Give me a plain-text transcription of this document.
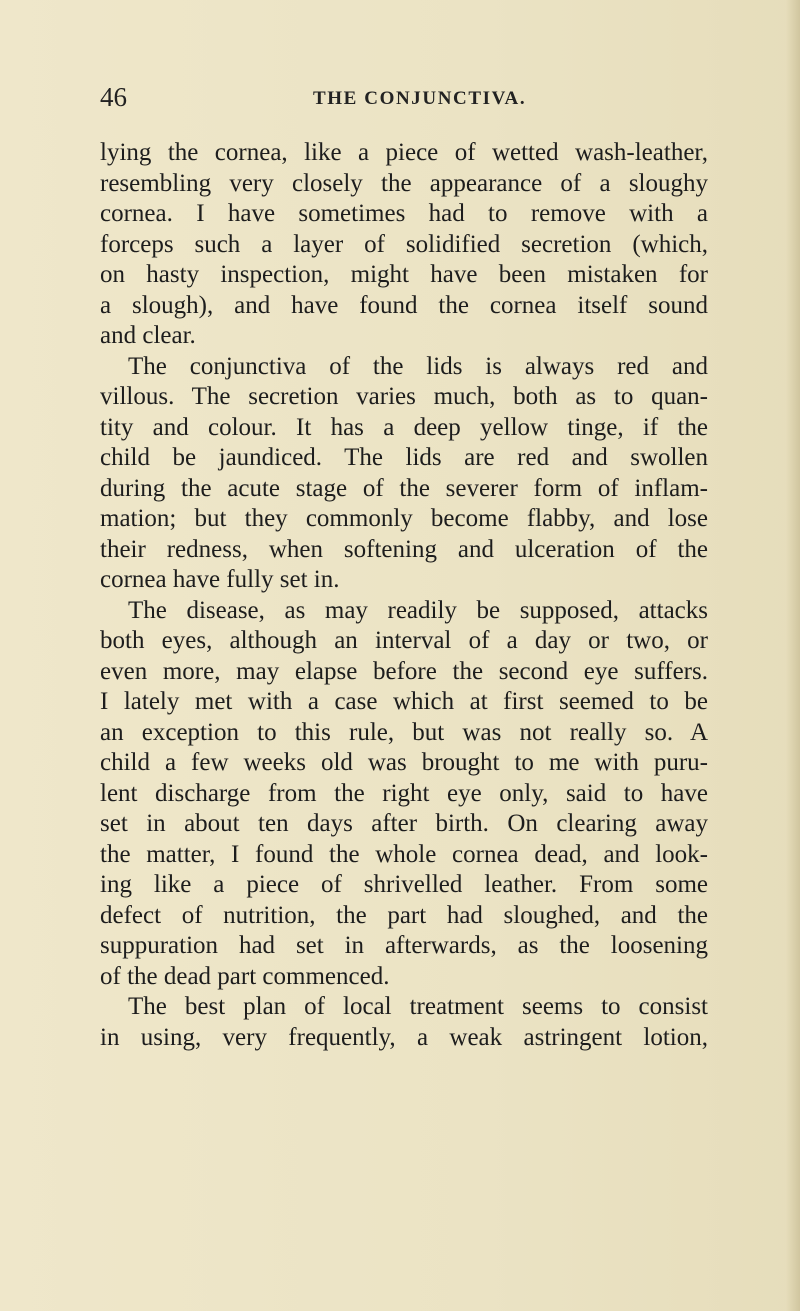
46	THE CONJUNCTIVA.
lying the cornea, like a piece of wetted wash-leather,
resembling very closely the appearance of a sloughy
cornea. I have sometimes had to remove with a
forceps such a layer of solidified secretion (which,
on hasty inspection, might have been mistaken for
a slough), and have found the cornea itself sound
and clear.
The conjunctiva of the lids is always red and
villous. The secretion varies much, both as to quan-
tity and colour. It has a deep yellow tinge, if the
child be jaundiced. The lids are red and swollen
during the acute stage of the severer form of inflam-
mation; but they commonly become flabby, and lose
their redness, when softening and ulceration of the
cornea have fully set in.
The disease, as may readily be supposed, attacks
both eyes, although an interval of a day or two, or
even more, may elapse before the second eye suffers.
I lately met with a case which at first seemed to be
an exception to this rule, but was not really so. A
child a few weeks old was brought to me with puru-
lent discharge from the right eye only, said to have
set in about ten days after birth. On clearing away
the matter, I found the whole cornea dead, and look-
ing like a piece of shrivelled leather. From some
defect of nutrition, the part had sloughed, and the
suppuration had set in afterwards, as the loosening
of the dead part commenced.
The best plan of local treatment seems to consist
in using, very frequently, a weak astringent lotion,
